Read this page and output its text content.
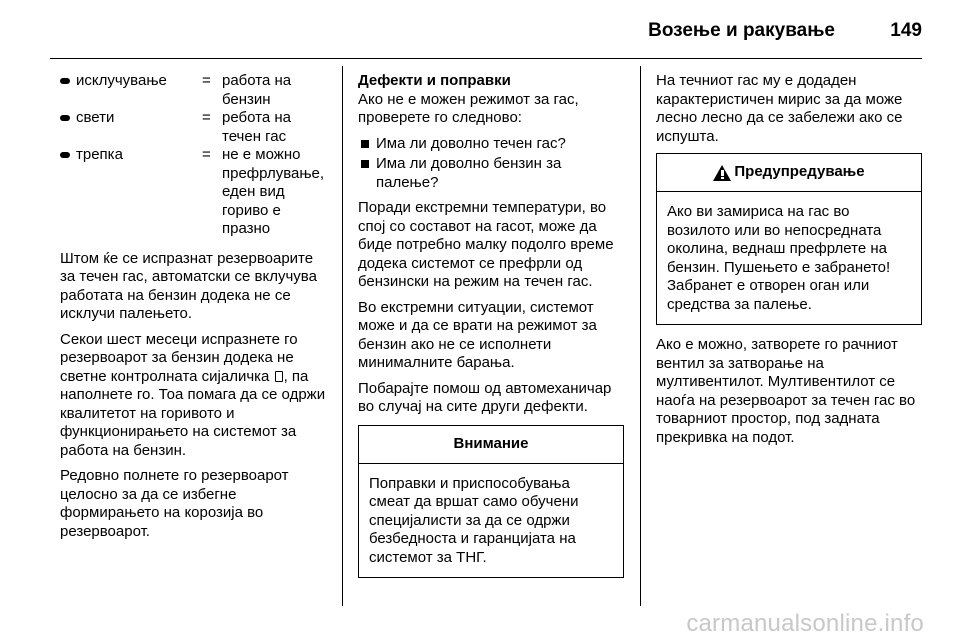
Возење и ракување	149
исклучување	= работа на бензин
свети	= ребота на течен гас
трепка	= не е можно префрлување, еден вид гориво е празно

Штом ќе се испразнат резервоарите за течен гас, автоматски се вклучува работата на бензин додека не се исклучи палењето.

Секои шест месеци испразнете го резервоарот за бензин додека не светне контролната сијаличка , па наполнете го. Тоа помага да се одржи квалитетот на горивото и функционирањето на системот за работа на бензин.

Редовно полнете го резервоарот целосно за да се избегне формирањето на корозија во резервоарот.

Дефекти и поправки

Ако не е можен режимот за гас, проверете го следново:

Има ли доволно течен гас?
Има ли доволно бензин за палење?

Поради екстремни температури, во спој со составот на гасот, може да биде потребно малку подолго време додека системот се префрли од бензински на режим на течен гас.

Во екстремни ситуации, системот може и да се врати на режимот за бензин ако не се исполнети минималните барања.

Побарајте помош од автомеханичар во случај на сите други дефекти.

Внимание
Поправки и приспособувања смеат да вршат само обучени специјалисти за да се одржи безбедноста и гаранцијата на системот за ТНГ.

На течниот гас му е додаден карактеристичен мирис за да може лесно лесно да се забележи ако се испушта.

Предупредување
Ако ви замириса на гас во возилото или во непосредната околина, веднаш префрлете на бензин. Пушењето е забрането! Забранет е отворен оган или средства за палење.

Ако е можно, затворете го рачниот вентил за затворање на мултивентилот. Мултивентилот се наоѓа на резервоарот за течен гас во товарниот простор, под задната прекривка на подот.

carmanualsonline.info
